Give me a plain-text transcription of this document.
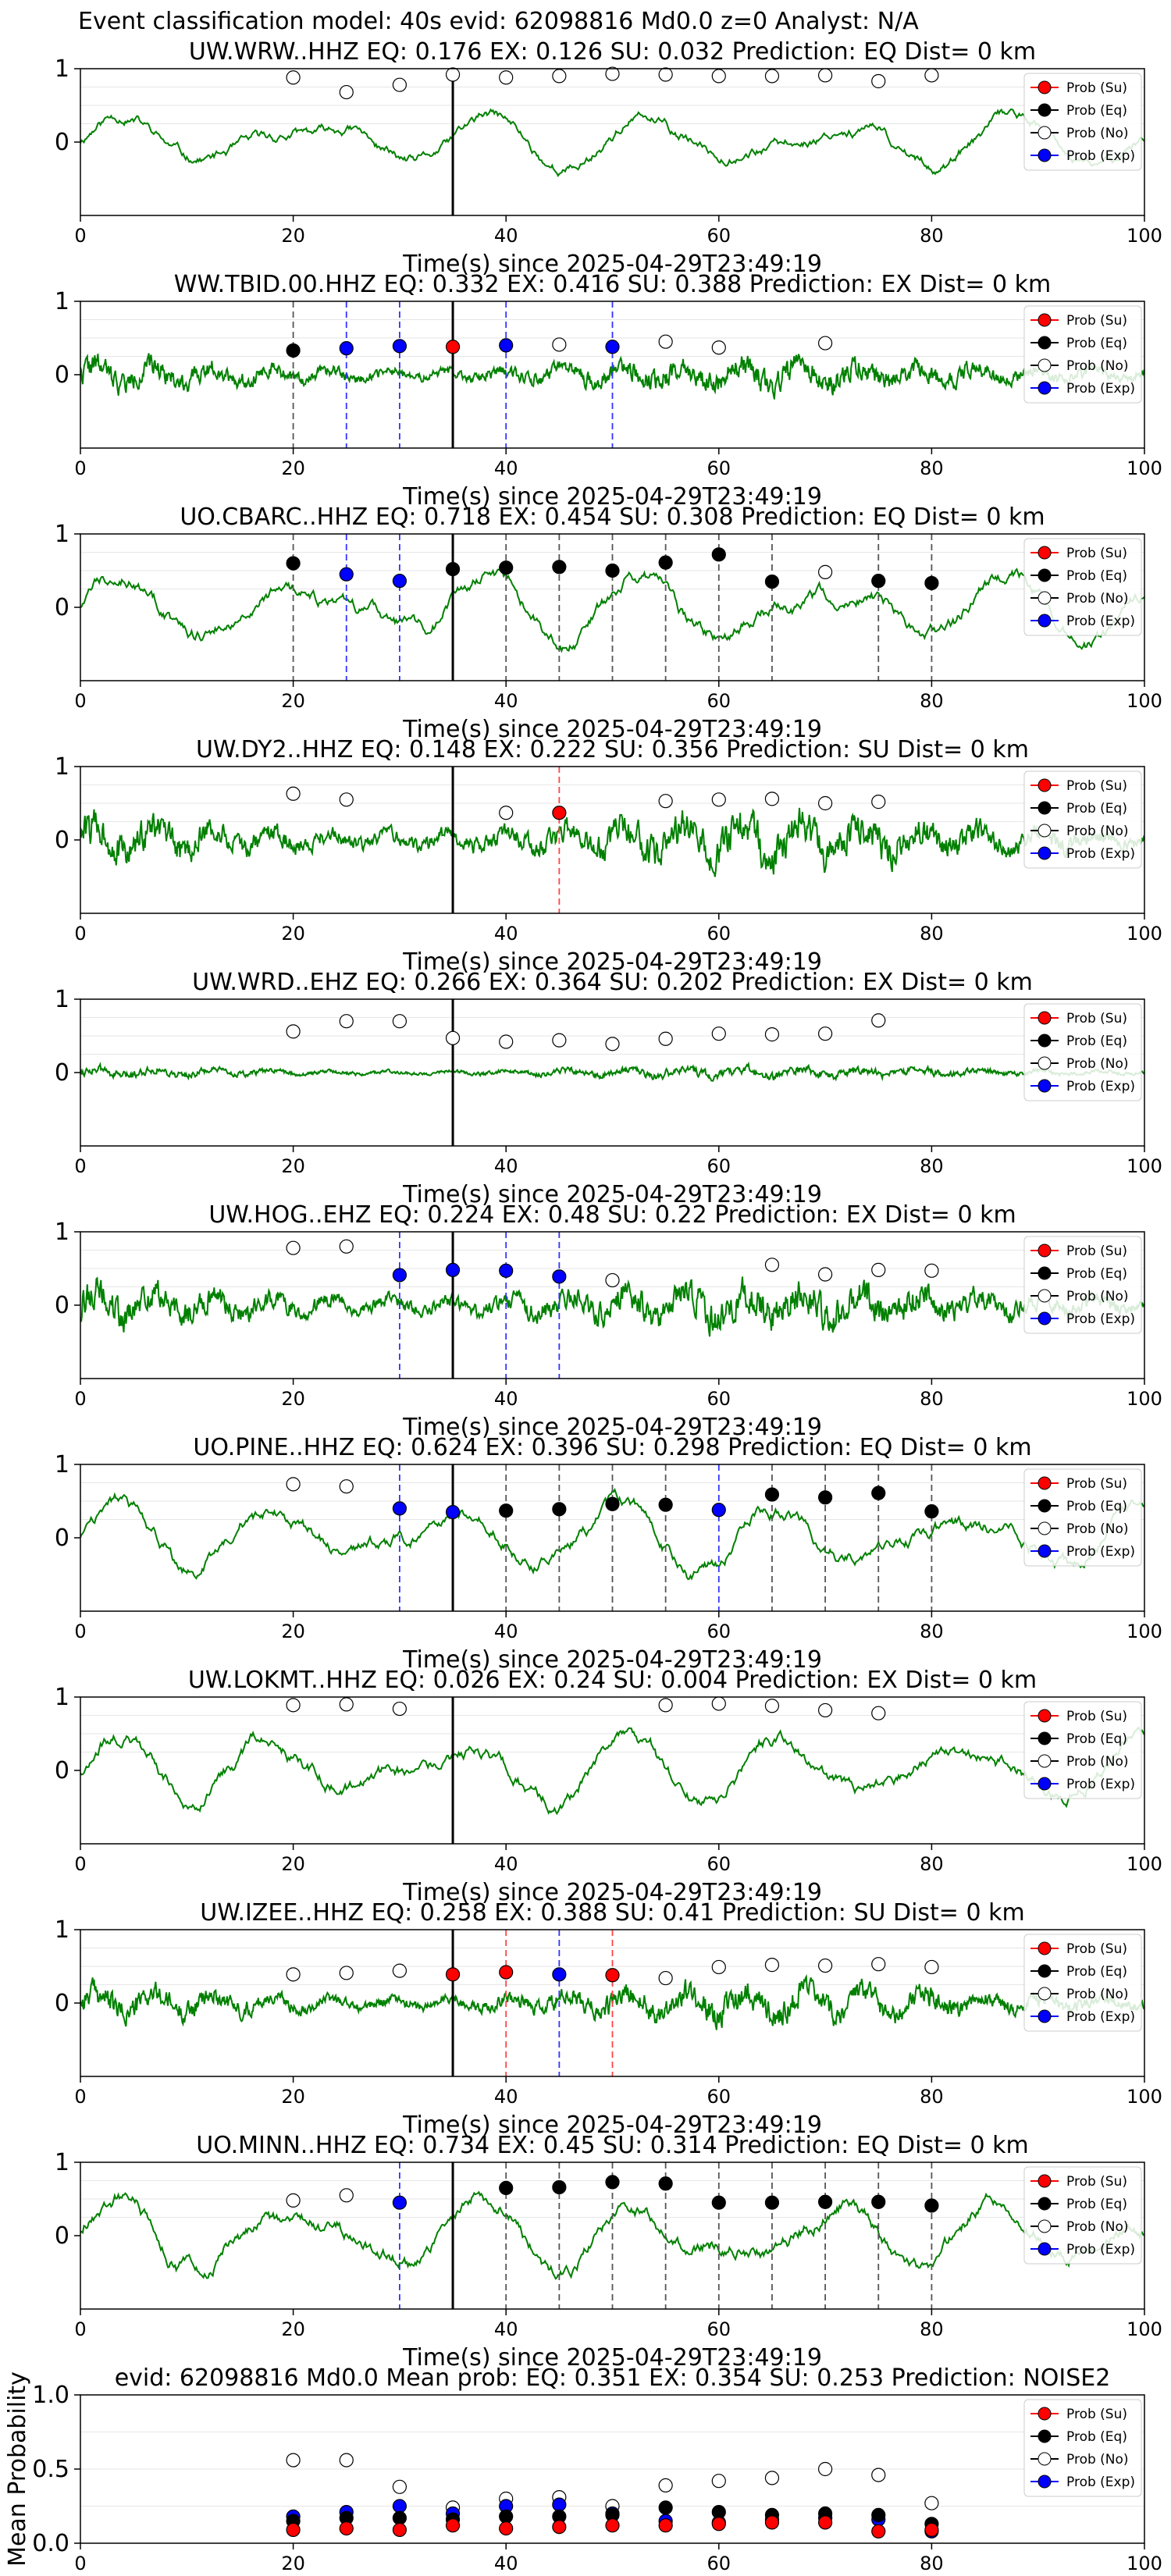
Event classification model: 40s evid: 62098816 Md0.0 z=0 Analyst: N/A
UW.WRW..HHZ EQ: 0.176 EX: 0.126 SU: 0.032 Prediction: EQ Dist= 0 km
0
1
0	20	40	60	80	100
Time(s) since 2025-04-29T23:49:19
Prob (Su)
Prob (Eq)
Prob (No)
Prob (Exp)
WW.TBID.00.HHZ EQ: 0.332 EX: 0.416 SU: 0.388 Prediction: EX Dist= 0 km
0
1
0	20	40	60	80	100
Time(s) since 2025-04-29T23:49:19
Prob (Su)
Prob (Eq)
Prob (No)
Prob (Exp)
UO.CBARC..HHZ EQ: 0.718 EX: 0.454 SU: 0.308 Prediction: EQ Dist= 0 km
0
1
0	20	40	60	80	100
Time(s) since 2025-04-29T23:49:19
Prob (Su)
Prob (Eq)
Prob (No)
Prob (Exp)
UW.DY2..HHZ EQ: 0.148 EX: 0.222 SU: 0.356 Prediction: SU Dist= 0 km
0
1
0	20	40	60	80	100
Time(s) since 2025-04-29T23:49:19
Prob (Su)
Prob (Eq)
Prob (No)
Prob (Exp)
UW.WRD..EHZ EQ: 0.266 EX: 0.364 SU: 0.202 Prediction: EX Dist= 0 km
0
1
0	20	40	60	80	100
Time(s) since 2025-04-29T23:49:19
Prob (Su)
Prob (Eq)
Prob (No)
Prob (Exp)
UW.HOG..EHZ EQ: 0.224 EX: 0.48 SU: 0.22 Prediction: EX Dist= 0 km
0
1
0	20	40	60	80	100
Time(s) since 2025-04-29T23:49:19
Prob (Su)
Prob (Eq)
Prob (No)
Prob (Exp)
UO.PINE..HHZ EQ: 0.624 EX: 0.396 SU: 0.298 Prediction: EQ Dist= 0 km
0
1
0	20	40	60	80	100
Time(s) since 2025-04-29T23:49:19
Prob (Su)
Prob (Eq)
Prob (No)
Prob (Exp)
UW.LOKMT..HHZ EQ: 0.026 EX: 0.24 SU: 0.004 Prediction: EX Dist= 0 km
0
1
0	20	40	60	80	100
Time(s) since 2025-04-29T23:49:19
Prob (Su)
Prob (Eq)
Prob (No)
Prob (Exp)
UW.IZEE..HHZ EQ: 0.258 EX: 0.388 SU: 0.41 Prediction: SU Dist= 0 km
0
1
0	20	40	60	80	100
Time(s) since 2025-04-29T23:49:19
Prob (Su)
Prob (Eq)
Prob (No)
Prob (Exp)
UO.MINN..HHZ EQ: 0.734 EX: 0.45 SU: 0.314 Prediction: EQ Dist= 0 km
0
1
0	20	40	60	80	100
Time(s) since 2025-04-29T23:49:19
Prob (Su)
Prob (Eq)
Prob (No)
Prob (Exp)
evid: 62098816 Md0.0 Mean prob: EQ: 0.351 EX: 0.354 SU: 0.253 Prediction: NOISE2
0.0
0.5
1.0
0	20	40	60	80	100
Mean Probability	Prob (Su)
Prob (Eq)
Prob (No)
Prob (Exp)
